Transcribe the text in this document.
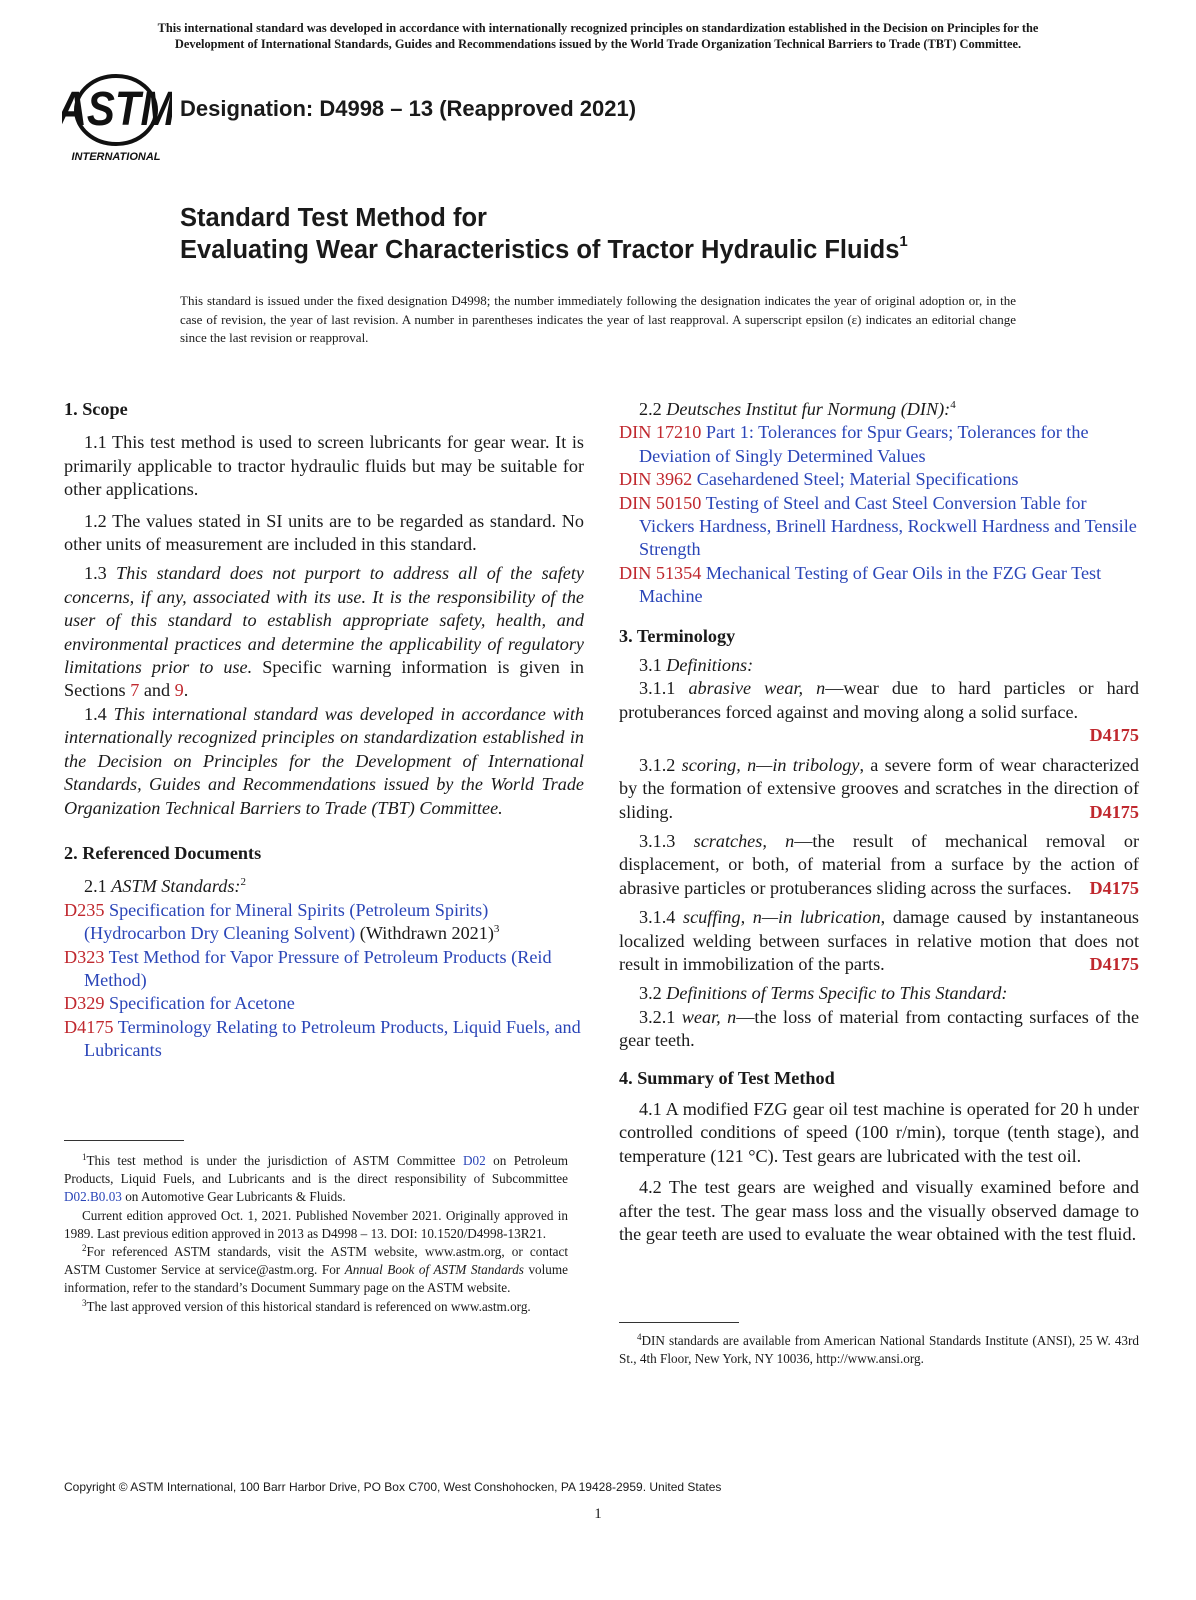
This international standard was developed in accordance with internationally recognized principles on standardization established in the Decision on Principles for the
Development of International Standards, Guides and Recommendations issued by the World Trade Organization Technical Barriers to Trade (TBT) Committee.
ASTM
INTERNATIONAL
Designation: D4998 – 13 (Reapproved 2021)
Standard Test Method for
Evaluating Wear Characteristics of Tractor Hydraulic Fluids$^1$
This standard is issued under the fixed designation D4998; the number immediately following the designation indicates the year of original adoption or, in the case of revision, the year of last revision. A number in parentheses indicates the year of last reapproval. A superscript epsilon (ε) indicates an editorial change since the last revision or reapproval.

1. Scope

1.1 This test method is used to screen lubricants for gear wear. It is primarily applicable to tractor hydraulic fluids but may be suitable for other applications.

1.2 The values stated in SI units are to be regarded as standard. No other units of measurement are included in this standard.

1.3 This standard does not purport to address all of the safety concerns, if any, associated with its use. It is the responsibility of the user of this standard to establish appropriate safety, health, and environmental practices and determine the applicability of regulatory limitations prior to use. Specific warning information is given in Sections 7 and 9.

1.4 This international standard was developed in accordance with internationally recognized principles on standardization established in the Decision on Principles for the Development of International Standards, Guides and Recommendations issued by the World Trade Organization Technical Barriers to Trade (TBT) Committee.

2. Referenced Documents

2.1 ASTM Standards:$^2$

D235 Specification for Mineral Spirits (Petroleum Spirits) (Hydrocarbon Dry Cleaning Solvent) (Withdrawn 2021)$^3$

D323 Test Method for Vapor Pressure of Petroleum Products (Reid Method)

D329 Specification for Acetone

D4175 Terminology Relating to Petroleum Products, Liquid Fuels, and Lubricants

2.2 Deutsches Institut fur Normung (DIN):$^4$

DIN 17210 Part 1: Tolerances for Spur Gears; Tolerances for the Deviation of Singly Determined Values

DIN 3962 Casehardened Steel; Material Specifications

DIN 50150 Testing of Steel and Cast Steel Conversion Table for Vickers Hardness, Brinell Hardness, Rockwell Hardness and Tensile Strength

DIN 51354 Mechanical Testing of Gear Oils in the FZG Gear Test Machine

3. Terminology

3.1 Definitions:

3.1.1 abrasive wear, n—wear due to hard particles or hard protuberances forced against and moving along a solid surface.

D4175

3.1.2 scoring, n—in tribology, a severe form of wear characterized by the formation of extensive grooves and scratches in the direction of sliding.	D4175

3.1.3 scratches, n—the result of mechanical removal or displacement, or both, of material from a surface by the action of abrasive particles or protuberances sliding across the surfaces. D4175

3.1.4 scuffing, n—in lubrication, damage caused by instantaneous localized welding between surfaces in relative motion that does not result in immobilization of the parts.	D4175

3.2 Definitions of Terms Specific to This Standard:

3.2.1 wear, n—the loss of material from contacting surfaces of the gear teeth.

4. Summary of Test Method

4.1 A modified FZG gear oil test machine is operated for 20 h under controlled conditions of speed (100 r/min), torque (tenth stage), and temperature (121 °C). Test gears are lubricated with the test oil.

4.2 The test gears are weighed and visually examined before and after the test. The gear mass loss and the visually observed damage to the gear teeth are used to evaluate the wear obtained with the test fluid.

$^1$This test method is under the jurisdiction of ASTM Committee D02 on Petroleum Products, Liquid Fuels, and Lubricants and is the direct responsibility of Subcommittee D02.B0.03 on Automotive Gear Lubricants & Fluids.

Current edition approved Oct. 1, 2021. Published November 2021. Originally approved in 1989. Last previous edition approved in 2013 as D4998 – 13. DOI: 10.1520/D4998-13R21.

$^2$For referenced ASTM standards, visit the ASTM website, www.astm.org, or contact ASTM Customer Service at service@astm.org. For Annual Book of ASTM Standards volume information, refer to the standard’s Document Summary page on the ASTM website.

$^3$The last approved version of this historical standard is referenced on www.astm.org.

$^4$DIN standards are available from American National Standards Institute (ANSI), 25 W. 43rd St., 4th Floor, New York, NY 10036, http://www.ansi.org.

Copyright © ASTM International, 100 Barr Harbor Drive, PO Box C700, West Conshohocken, PA 19428-2959. United States
1
